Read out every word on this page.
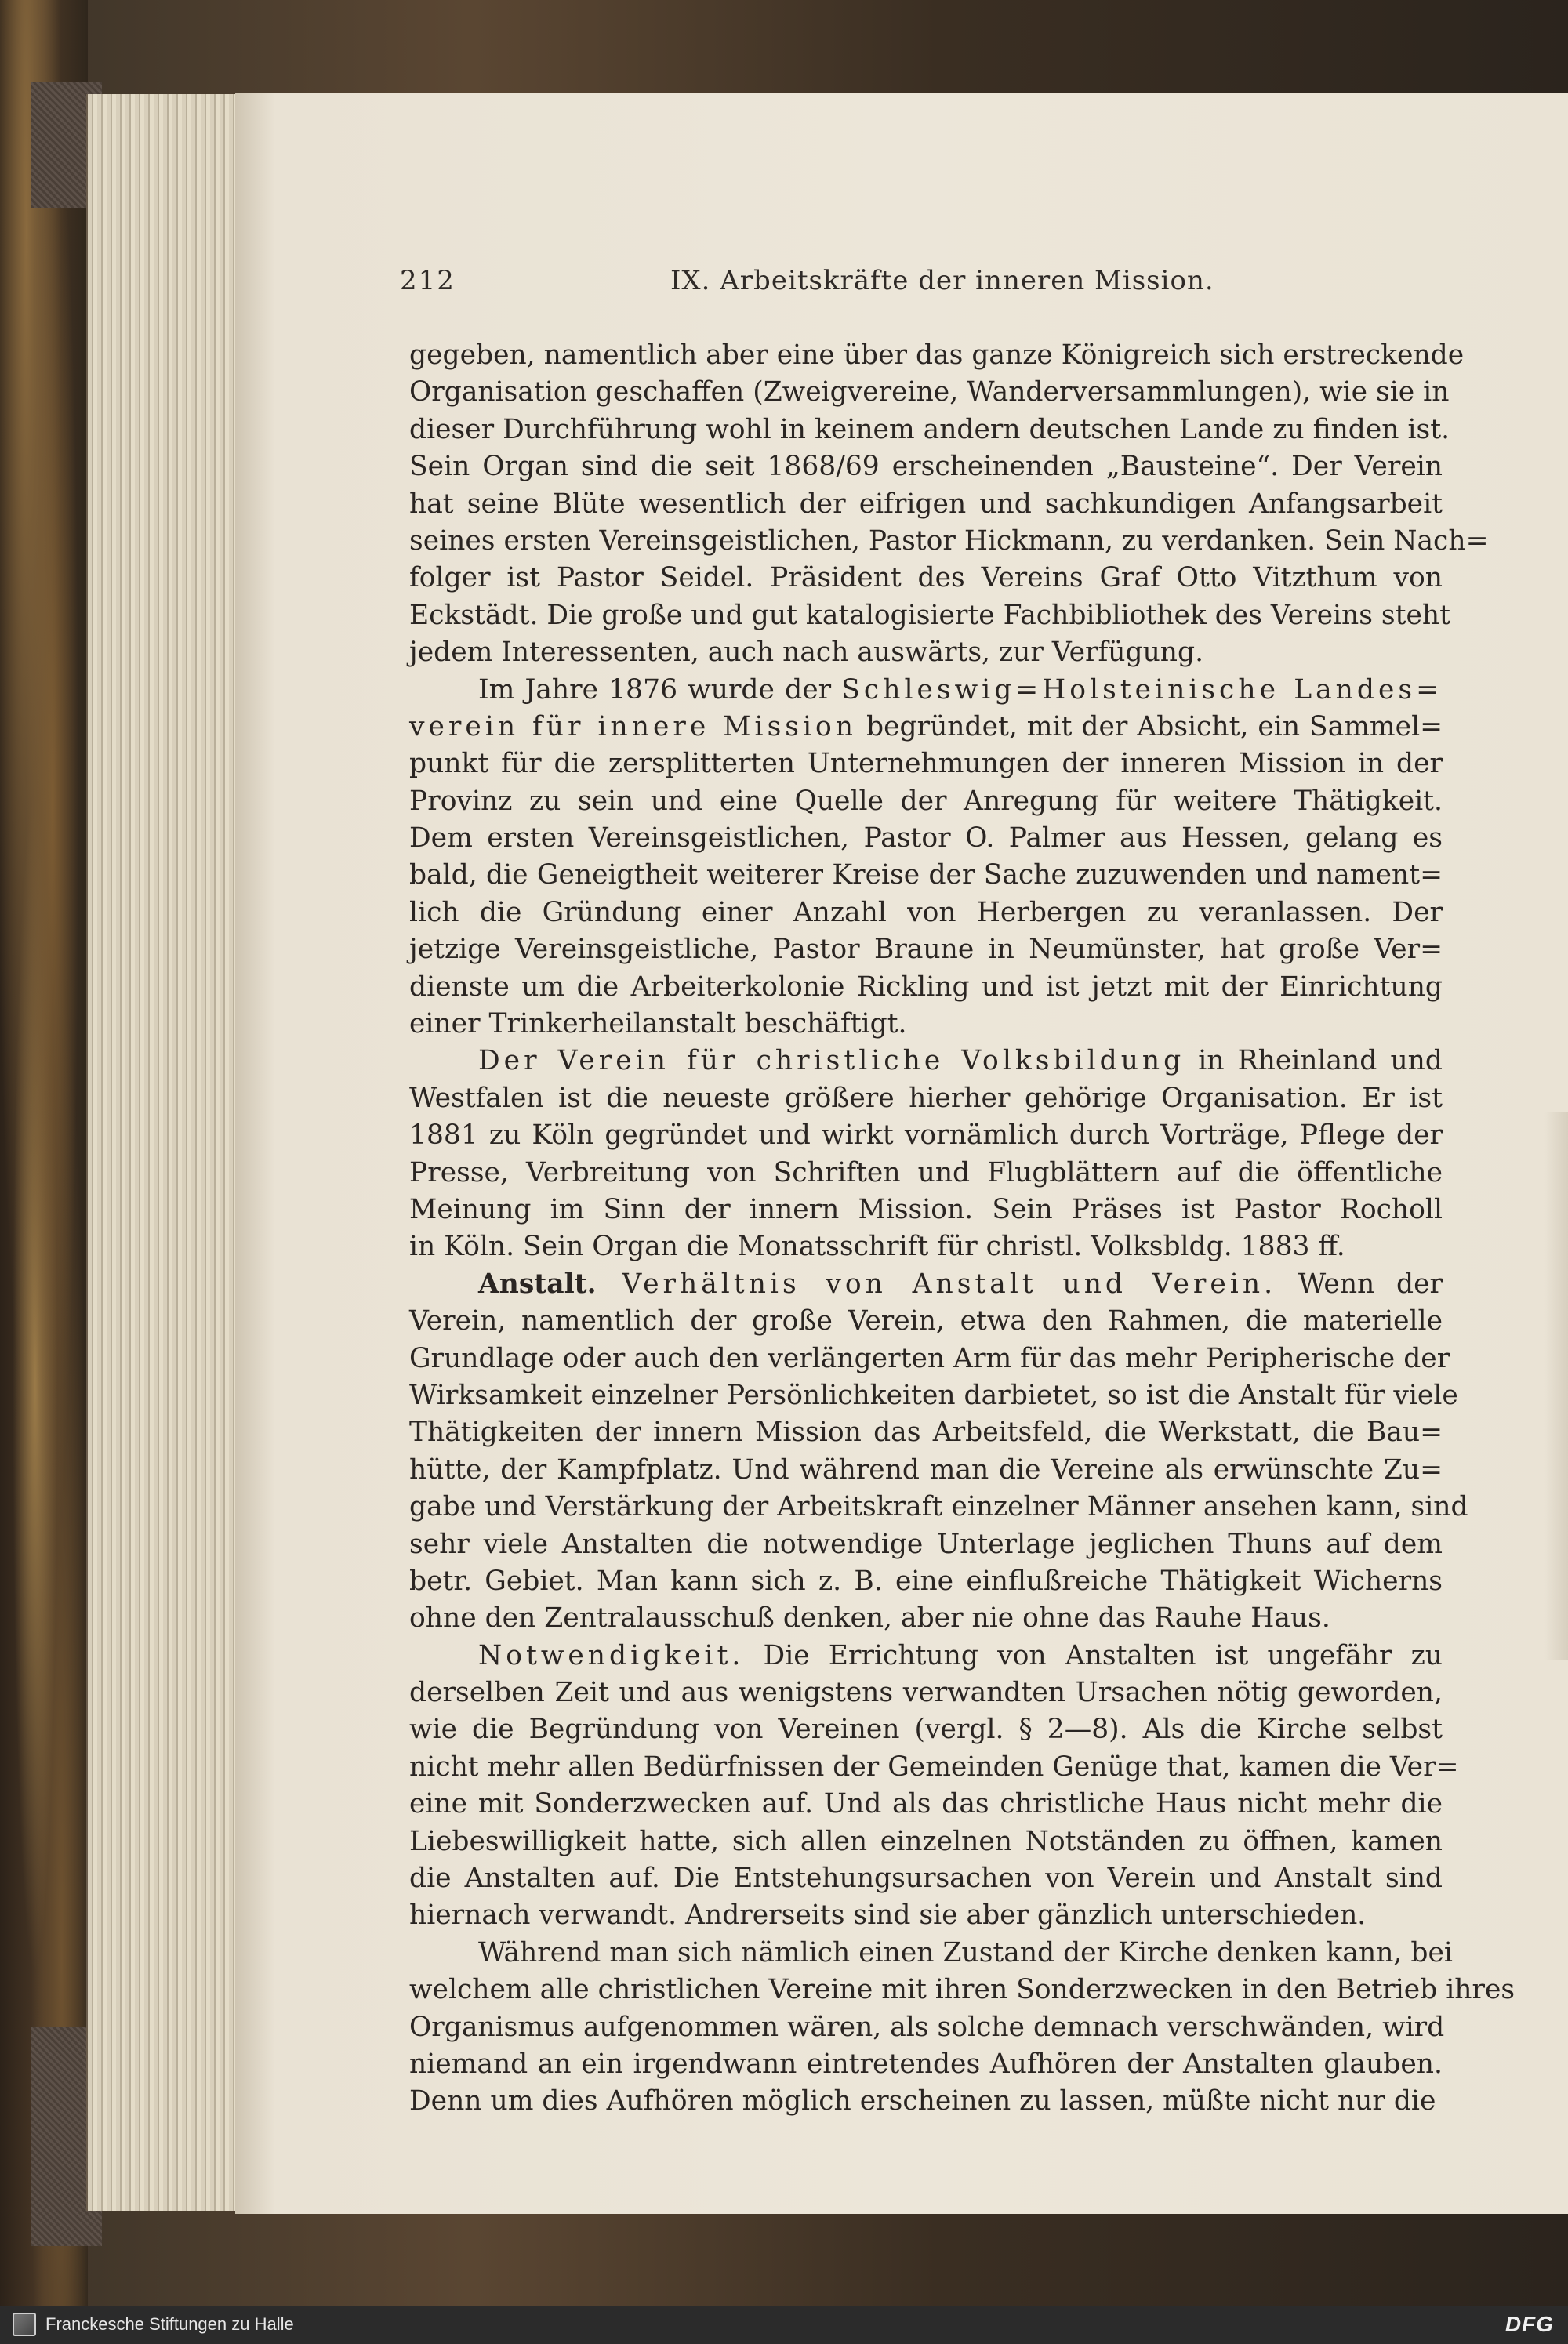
212	IX. Arbeitskräfte der inneren Mission.
gegeben, namentlich aber eine über das ganze Königreich sich erstreckende
Organisation geschaffen (Zweigvereine, Wanderversammlungen), wie sie in
dieser Durchführung wohl in keinem andern deutschen Lande zu finden ist.
Sein Organ sind die seit 1868/69 erscheinenden „Bausteine“. Der Verein
hat seine Blüte wesentlich der eifrigen und sachkundigen Anfangsarbeit
seines ersten Vereinsgeistlichen, Pastor Hickmann, zu verdanken. Sein Nach=
folger ist Pastor Seidel. Präsident des Vereins Graf Otto Vitzthum von
Eckstädt. Die große und gut katalogisierte Fachbibliothek des Vereins steht
jedem Interessenten, auch nach auswärts, zur Verfügung.
Im Jahre 1876 wurde der Schleswig=Holsteinische Landes=
verein für innere Mission begründet, mit der Absicht, ein Sammel=
punkt für die zersplitterten Unternehmungen der inneren Mission in der
Provinz zu sein und eine Quelle der Anregung für weitere Thätigkeit.
Dem ersten Vereinsgeistlichen, Pastor O. Palmer aus Hessen, gelang es
bald, die Geneigtheit weiterer Kreise der Sache zuzuwenden und nament=
lich die Gründung einer Anzahl von Herbergen zu veranlassen. Der
jetzige Vereinsgeistliche, Pastor Braune in Neumünster, hat große Ver=
dienste um die Arbeiterkolonie Rickling und ist jetzt mit der Einrichtung
einer Trinkerheilanstalt beschäftigt.
Der Verein für christliche Volksbildung in Rheinland und
Westfalen ist die neueste größere hierher gehörige Organisation. Er ist
1881 zu Köln gegründet und wirkt vornämlich durch Vorträge, Pflege der
Presse, Verbreitung von Schriften und Flugblättern auf die öffentliche
Meinung im Sinn der innern Mission. Sein Präses ist Pastor Rocholl
in Köln. Sein Organ die Monatsschrift für christl. Volksbldg. 1883 ff.
Anstalt. Verhältnis von Anstalt und Verein. Wenn der
Verein, namentlich der große Verein, etwa den Rahmen, die materielle
Grundlage oder auch den verlängerten Arm für das mehr Peripherische der
Wirksamkeit einzelner Persönlichkeiten darbietet, so ist die Anstalt für viele
Thätigkeiten der innern Mission das Arbeitsfeld, die Werkstatt, die Bau=
hütte, der Kampfplatz. Und während man die Vereine als erwünschte Zu=
gabe und Verstärkung der Arbeitskraft einzelner Männer ansehen kann, sind
sehr viele Anstalten die notwendige Unterlage jeglichen Thuns auf dem
betr. Gebiet. Man kann sich z. B. eine einflußreiche Thätigkeit Wicherns
ohne den Zentralausschuß denken, aber nie ohne das Rauhe Haus.
Notwendigkeit. Die Errichtung von Anstalten ist ungefähr zu
derselben Zeit und aus wenigstens verwandten Ursachen nötig geworden,
wie die Begründung von Vereinen (vergl. § 2—8). Als die Kirche selbst
nicht mehr allen Bedürfnissen der Gemeinden Genüge that, kamen die Ver=
eine mit Sonderzwecken auf. Und als das christliche Haus nicht mehr die
Liebeswilligkeit hatte, sich allen einzelnen Notständen zu öffnen, kamen
die Anstalten auf. Die Entstehungsursachen von Verein und Anstalt sind
hiernach verwandt. Andrerseits sind sie aber gänzlich unterschieden.
Während man sich nämlich einen Zustand der Kirche denken kann, bei
welchem alle christlichen Vereine mit ihren Sonderzwecken in den Betrieb ihres
Organismus aufgenommen wären, als solche demnach verschwänden, wird
niemand an ein irgendwann eintretendes Aufhören der Anstalten glauben.
Denn um dies Aufhören möglich erscheinen zu lassen, müßte nicht nur die
Franckesche Stiftungen zu Halle	DFG
